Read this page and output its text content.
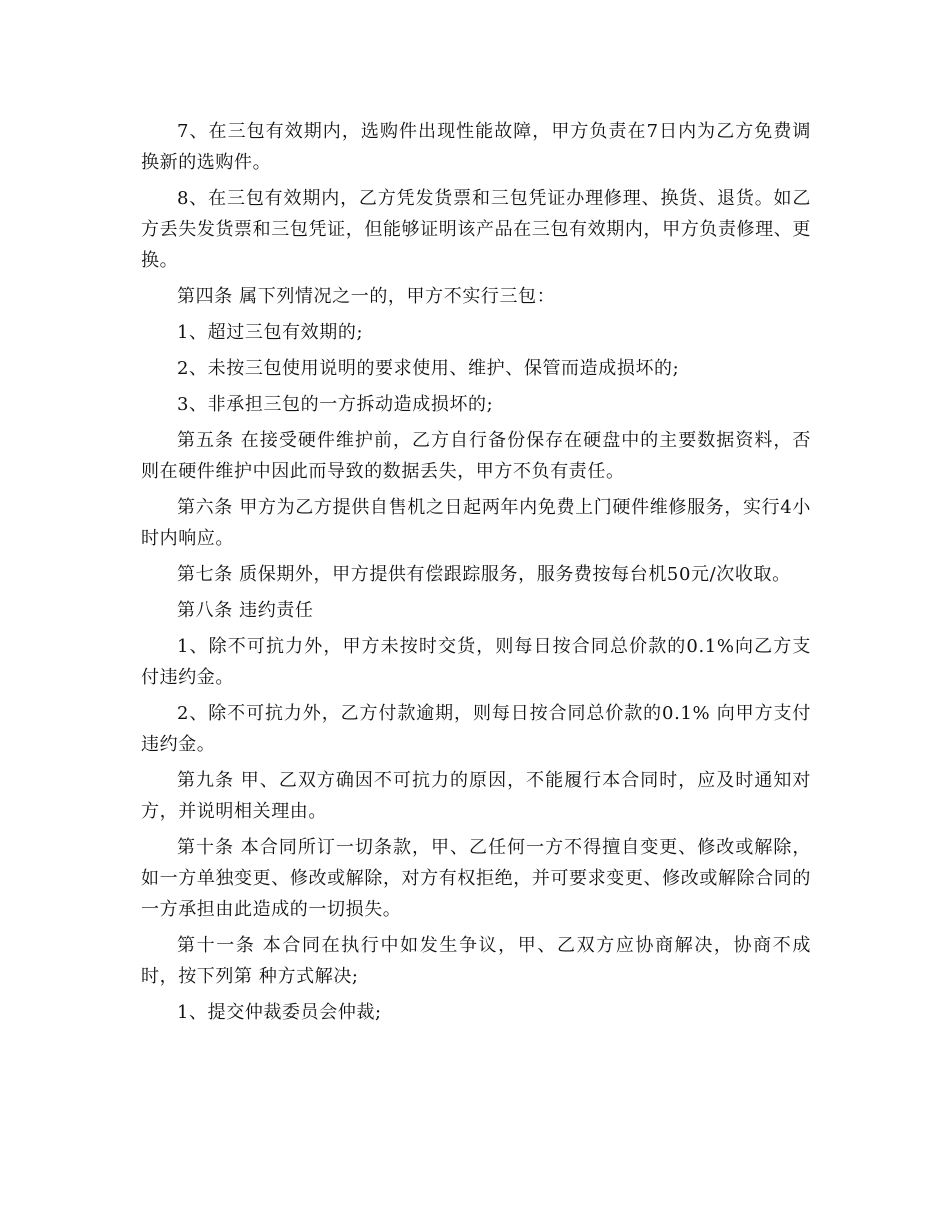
7、在三包有效期内，选购件出现性能故障，甲方负责在7日内为乙方免费调换新的选购件。

8、在三包有效期内，乙方凭发货票和三包凭证办理修理、换货、退货。如乙方丢失发货票和三包凭证，但能够证明该产品在三包有效期内，甲方负责修理、更换。

第四条 属下列情况之一的，甲方不实行三包：

1、超过三包有效期的;

2、未按三包使用说明的要求使用、维护、保管而造成损坏的;

3、非承担三包的一方拆动造成损坏的;

第五条 在接受硬件维护前，乙方自行备份保存在硬盘中的主要数据资料，否则在硬件维护中因此而导致的数据丢失，甲方不负有责任。

第六条 甲方为乙方提供自售机之日起两年内免费上门硬件维修服务，实行4小时内响应。

第七条 质保期外，甲方提供有偿跟踪服务，服务费按每台机50元/次收取。

第八条 违约责任

1、除不可抗力外，甲方未按时交货，则每日按合同总价款的0.1%向乙方支付违约金。

2、除不可抗力外，乙方付款逾期，则每日按合同总价款的0.1% 向甲方支付违约金。

第九条 甲、乙双方确因不可抗力的原因，不能履行本合同时，应及时通知对方，并说明相关理由。

第十条 本合同所订一切条款，甲、乙任何一方不得擅自变更、修改或解除，如一方单独变更、修改或解除，对方有权拒绝，并可要求变更、修改或解除合同的一方承担由此造成的一切损失。

第十一条 本合同在执行中如发生争议，甲、乙双方应协商解决，协商不成时，按下列第 种方式解决;

1、提交仲裁委员会仲裁;
